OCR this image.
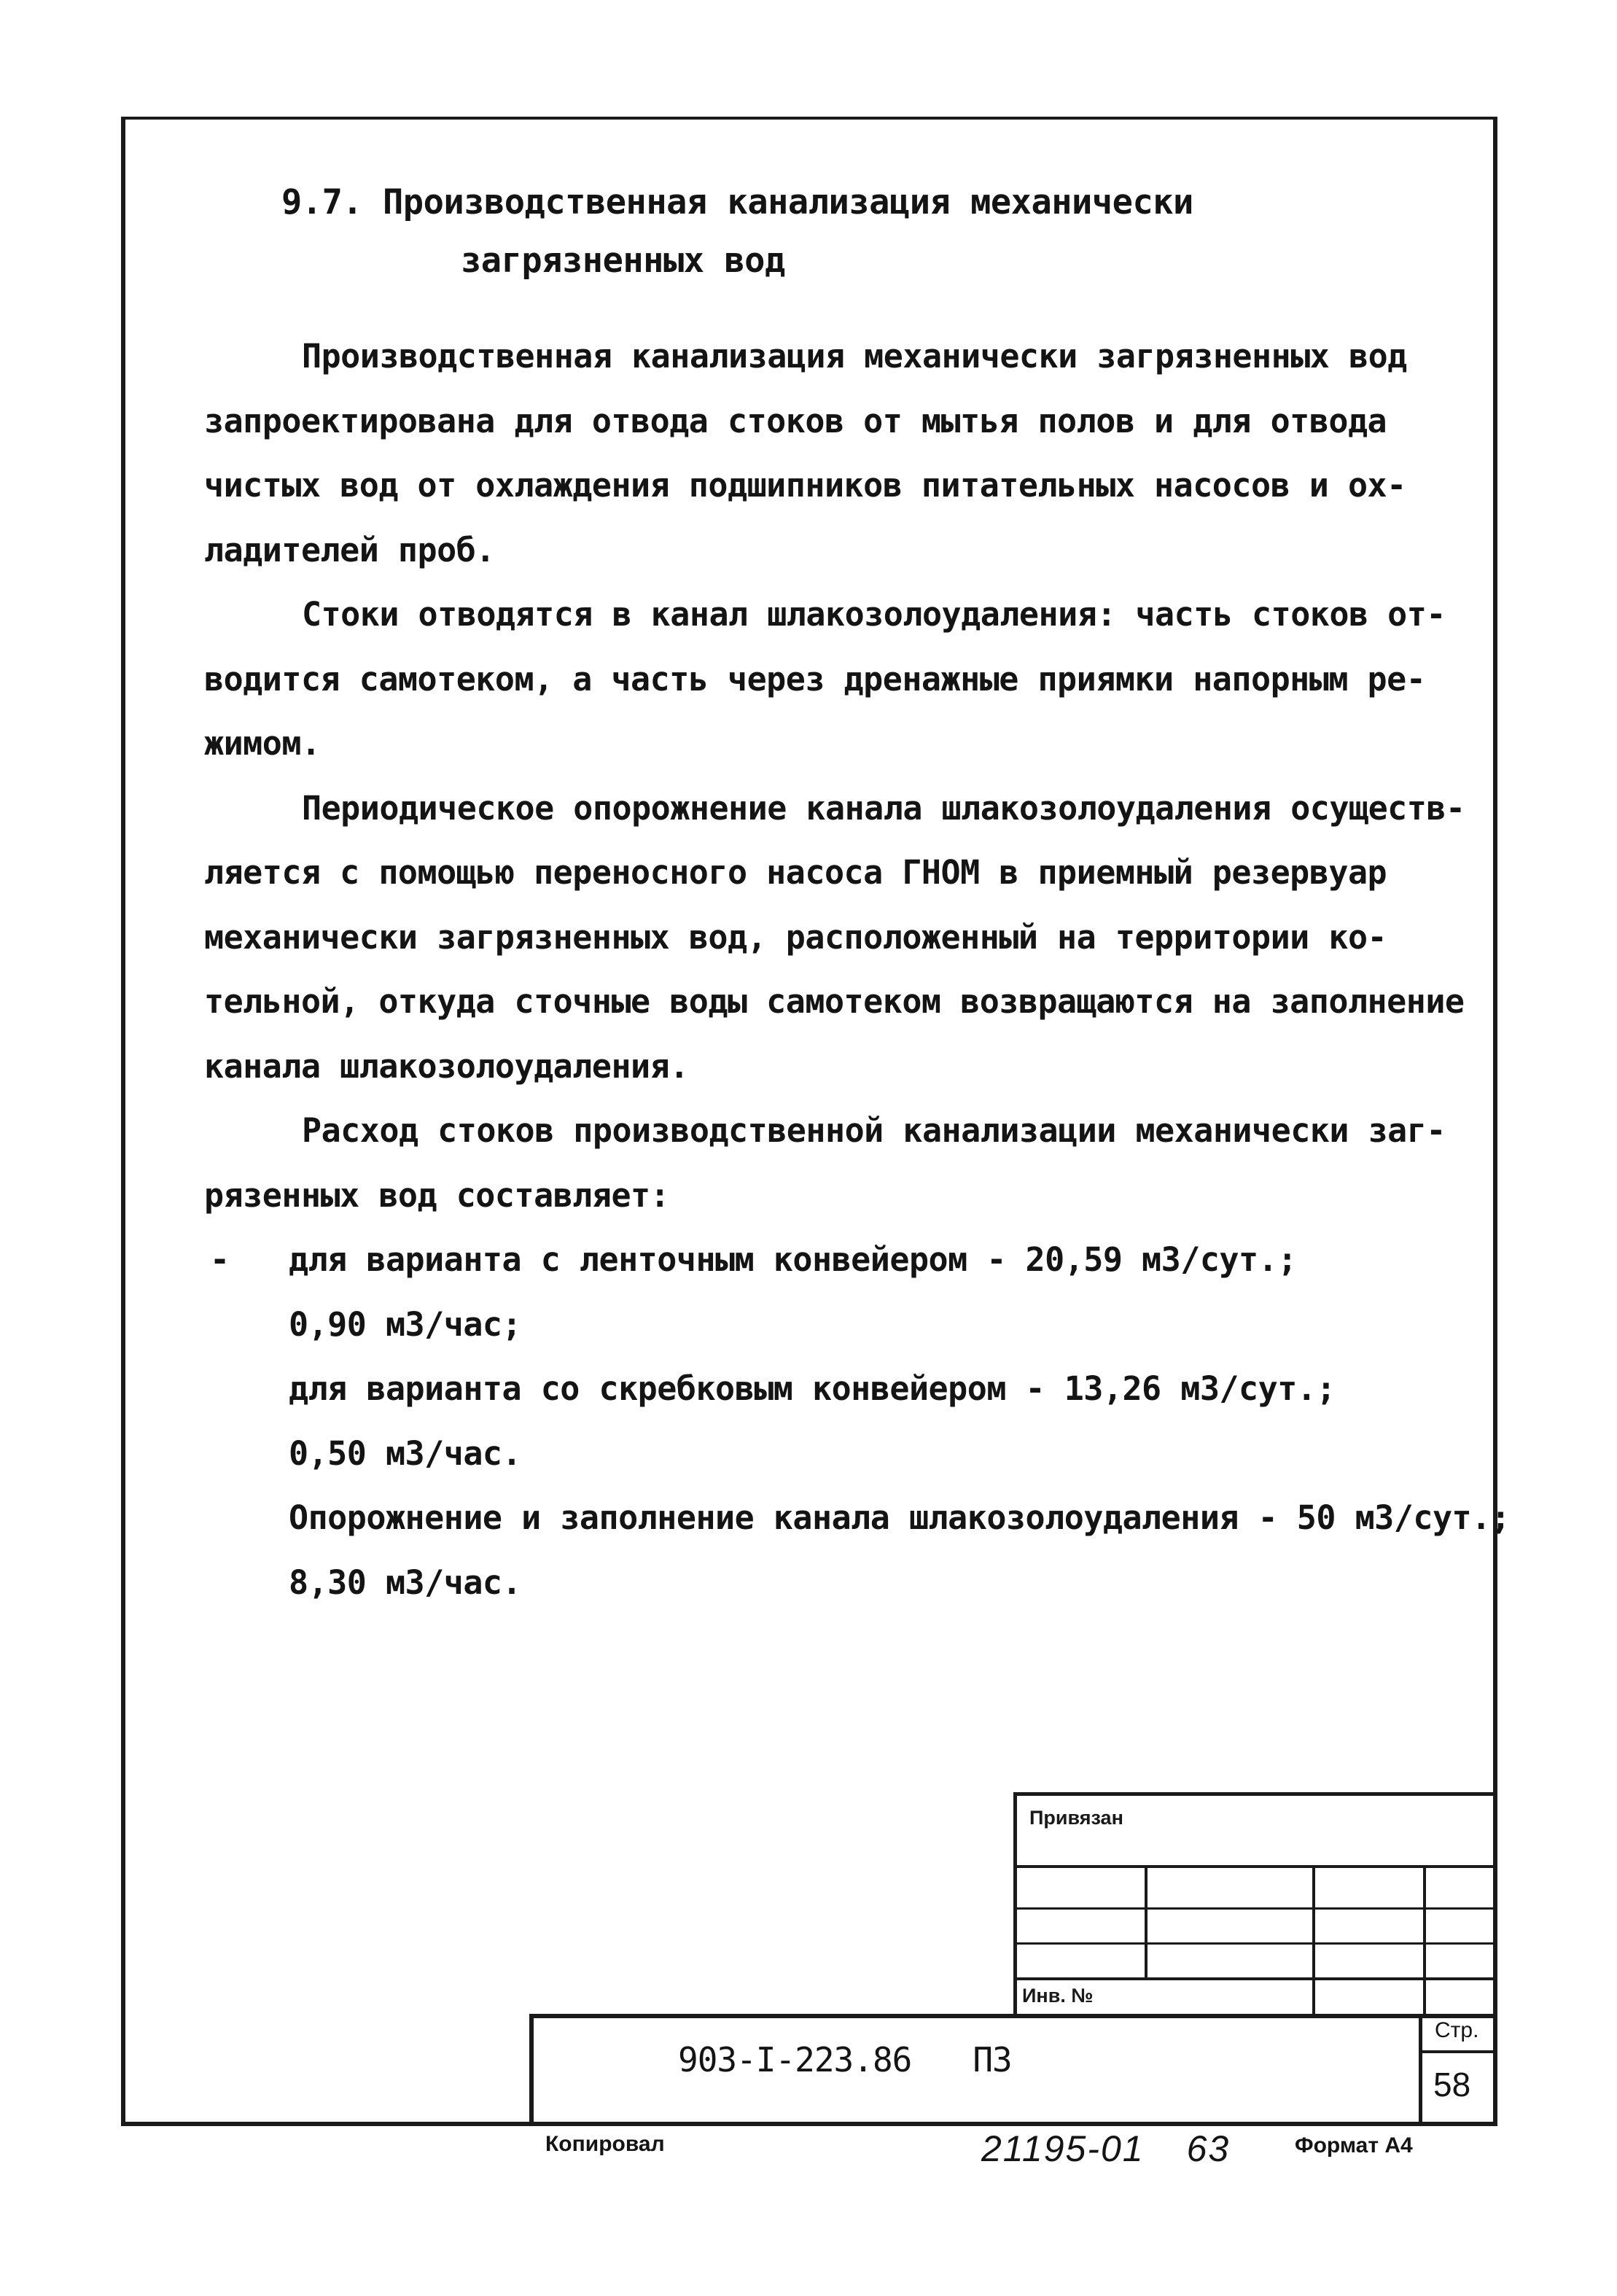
9.7. Производственная канализация механически
загрязненных вод

Производственная канализация механически загрязненных вод

запроектирована для отвода стоков от мытья полов и для отвода

чистых вод от охлаждения подшипников питательных насосов и ох-

ладителей проб.

Стоки отводятся в канал шлакозолоудаления: часть стоков от-

водится самотеком, а часть через дренажные приямки напорным ре-

жимом.

Периодическое опорожнение канала шлакозолоудаления осуществ-

ляется с помощью переносного насоса ГНОМ в приемный резервуар

механически загрязненных вод, расположенный на территории ко-

тельной, откуда сточные воды самотеком возвращаются на заполнение

канала шлакозолоудаления.

Расход стоков производственной канализации механически заг-

рязенных вод составляет:

- для варианта с ленточным конвейером - 20,59 м3/сут.;

0,90 м3/час;

для варианта со скребковым конвейером - 13,26 м3/сут.;

0,50 м3/час.

Опорожнение и заполнение канала шлакозолоудаления - 50 м3/сут.;

8,30 м3/час.

Привязан
Инв. №
903-I-223.86 ПЗ
Стр.
58
Копировал	21195-01 63	Формат А4
